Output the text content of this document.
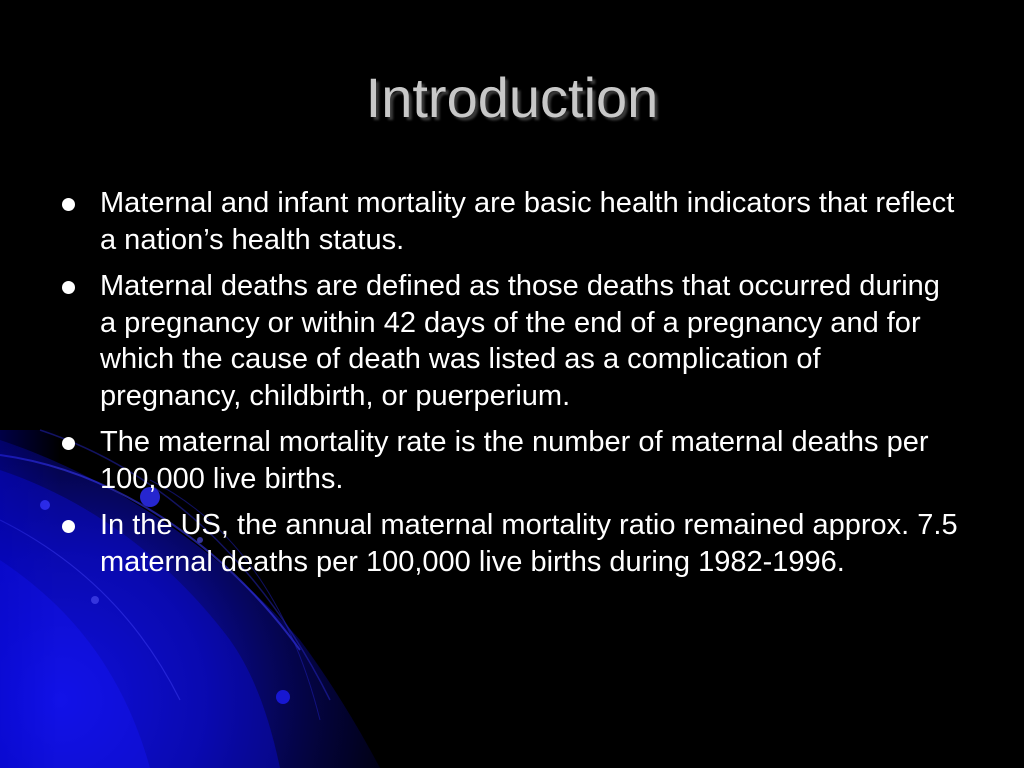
Introduction
Maternal and infant mortality are basic health indicators that reflect a nation’s health status.
Maternal deaths are defined as those deaths that occurred during a pregnancy or within 42 days of the end of a pregnancy and for which the cause of death was listed as a complication of pregnancy, childbirth, or puerperium.
The maternal mortality rate is the number of maternal deaths per 100,000 live births.
In the US, the annual maternal mortality ratio remained approx. 7.5 maternal deaths per 100,000 live births during 1982-1996.
